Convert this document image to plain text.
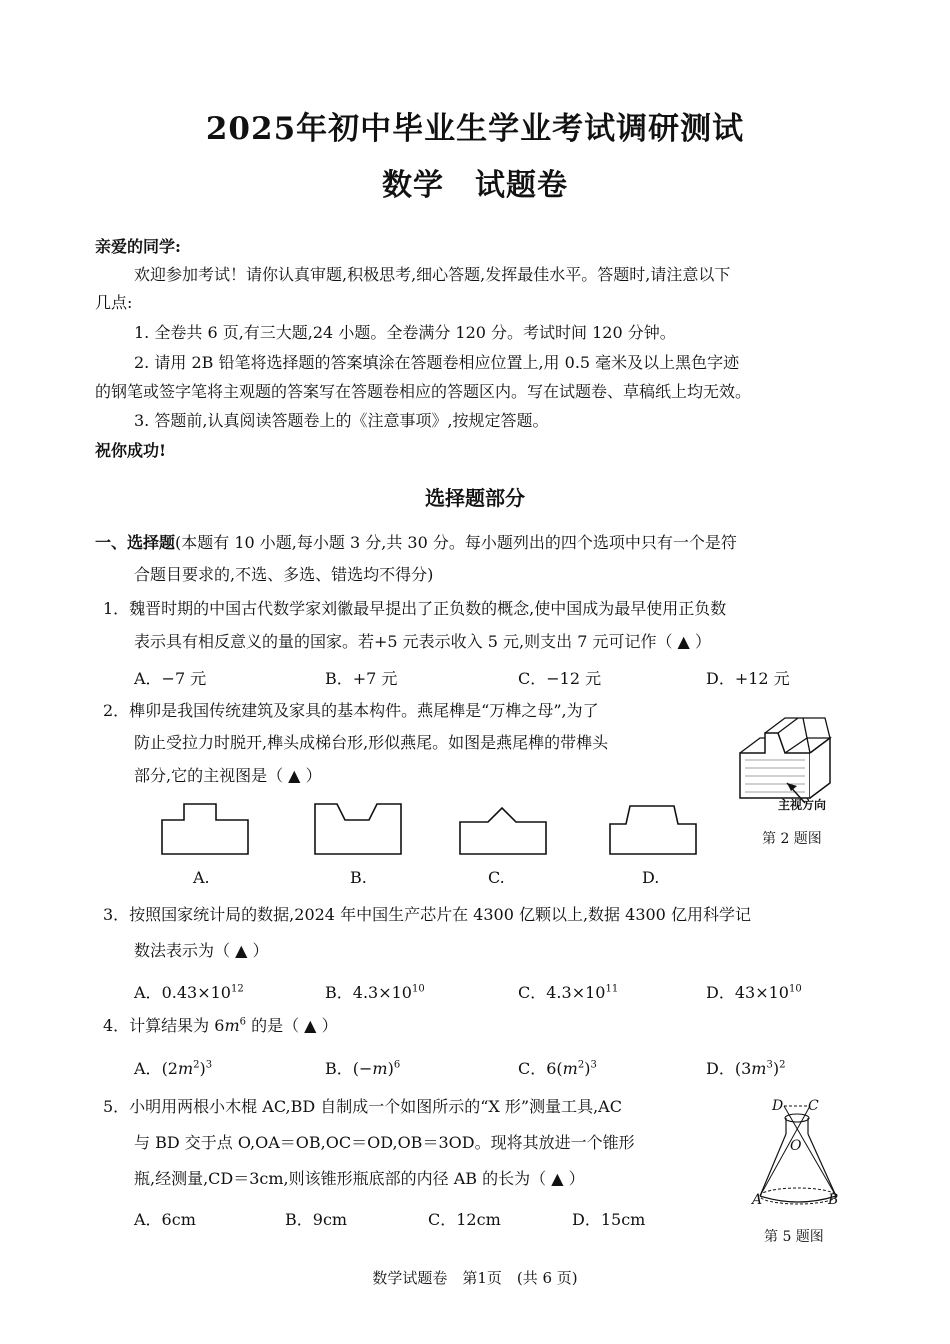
2025年初中毕业生学业考试调研测试
数学　试题卷
亲爱的同学:
欢迎参加考试！请你认真审题,积极思考,细心答题,发挥最佳水平。答题时,请注意以下
几点:
1. 全卷共 6 页,有三大题,24 小题。全卷满分 120 分。考试时间 120 分钟。
2. 请用 2B 铅笔将选择题的答案填涂在答题卷相应位置上,用 0.5 毫米及以上黑色字迹
的钢笔或签字笔将主观题的答案写在答题卷相应的答题区内。写在试题卷、草稿纸上均无效。
3. 答题前,认真阅读答题卷上的《注意事项》,按规定答题。
祝你成功!
选择题部分
一、选择题(本题有 10 小题,每小题 3 分,共 30 分。每小题列出的四个选项中只有一个是符
合题目要求的,不选、多选、错选均不得分)
1．魏晋时期的中国古代数学家刘徽最早提出了正负数的概念,使中国成为最早使用正负数
表示具有相反意义的量的国家。若+5 元表示收入 5 元,则支出 7 元可记作（ ▲ ）
A．−7 元	B．+7 元	C．−12 元	D．+12 元
2．榫卯是我国传统建筑及家具的基本构件。燕尾榫是“万榫之母”,为了
防止受拉力时脱开,榫头成梯台形,形似燕尾。如图是燕尾榫的带榫头
部分,它的主视图是（ ▲ ）
A.	B.	C.	D.
主视方向
第 2 题图
3．按照国家统计局的数据,2024 年中国生产芯片在 4300 亿颗以上,数据 4300 亿用科学记
数法表示为（ ▲ ）
A．$0.43\times 10^{12}$	B．$4.3\times 10^{10}$	C．$4.3\times 10^{11}$	D．$43\times 10^{10}$
4．计算结果为 $6m^6$ 的是（ ▲ ）
A．$(2m^2)^3$	B．$(-m)^6$	C．$6(m^2)^3$	D．$(3m^3)^2$
5．小明用两根小木棍 AC,BD 自制成一个如图所示的“X 形”测量工具,AC
与 BD 交于点 O,OA＝OB,OC＝OD,OB＝3OD。现将其放进一个锥形
瓶,经测量,CD＝3cm,则该锥形瓶底部的内径 AB 的长为（ ▲ ）
A．6cm	B．9cm	C．12cm	D．15cm
D C
O
A	B
第 5 题图
数学试题卷　第1页　(共 6 页)
